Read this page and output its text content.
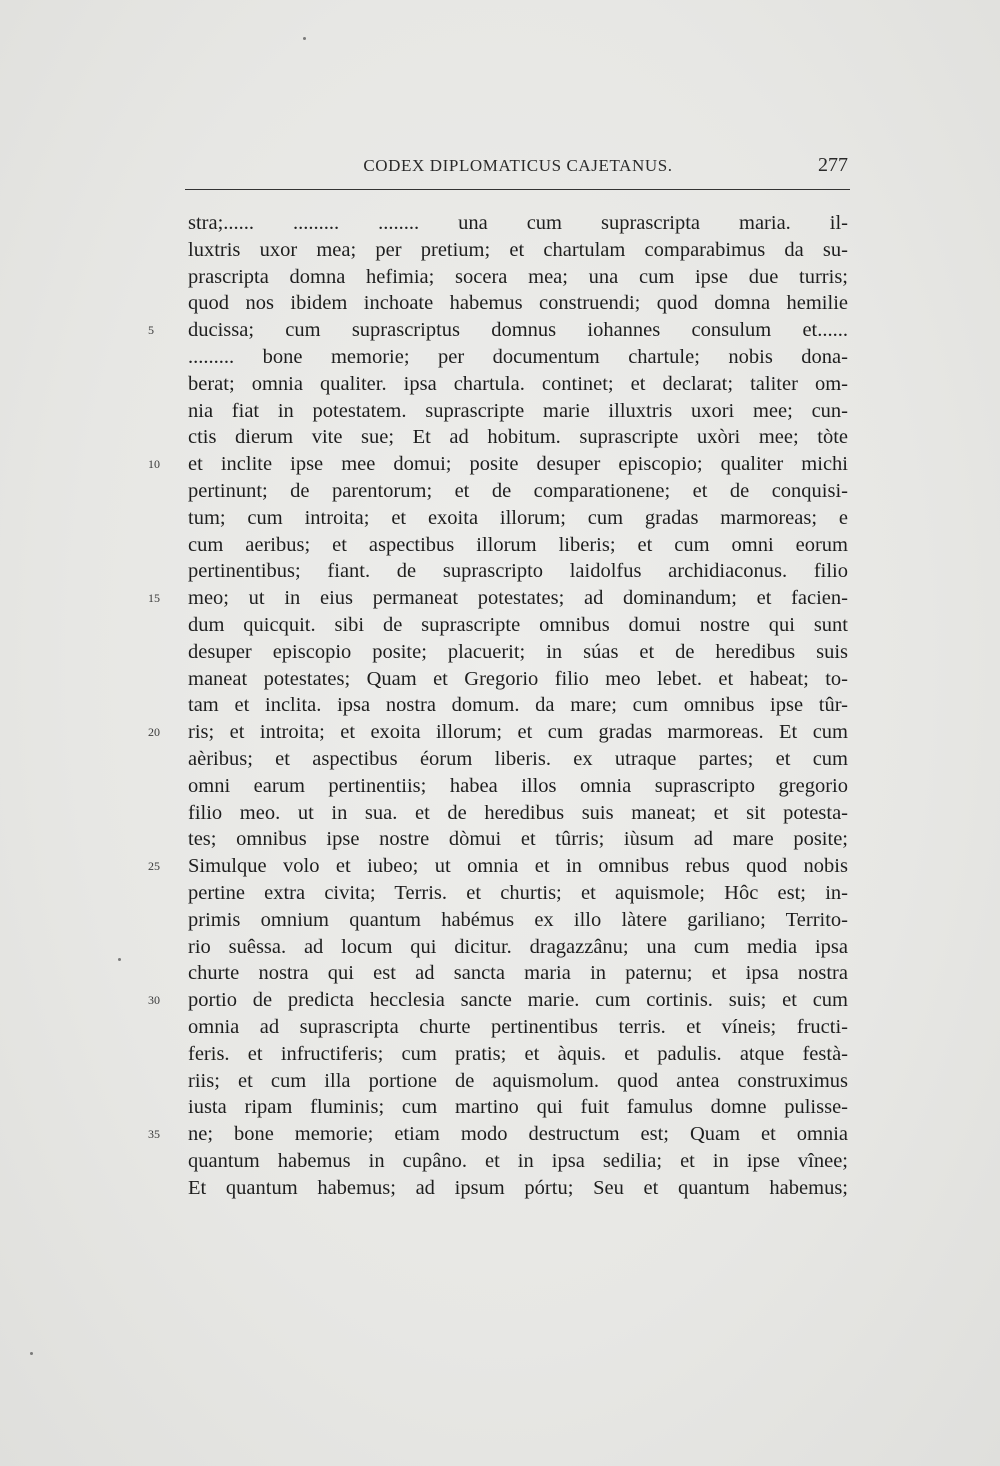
CODEX DIPLOMATICUS CAJETANUS.	277
stra;...... ......... ........ una cum suprascripta maria. il-
luxtris uxor mea; per pretium; et chartulam comparabimus da su-
prascripta domna hefimia; socera mea; una cum ipse due turris;
quod nos ibidem inchoate habemus construendi; quod domna hemilie
5	ducissa; cum suprascriptus domnus iohannes consulum et......
......... bone memorie; per documentum chartule; nobis dona-
berat; omnia qualiter. ipsa chartula. continet; et declarat; taliter om-
nia fiat in potestatem. suprascripte marie illuxtris uxori mee; cun-
ctis dierum vite sue; Et ad hobitum. suprascripte uxòri mee; tòte
10	et inclite ipse mee domui; posite desuper episcopio; qualiter michi
pertinunt; de parentorum; et de comparationene; et de conquisi-
tum; cum introita; et exoita illorum; cum gradas marmoreas; e
cum aeribus; et aspectibus illorum liberis; et cum omni eorum
pertinentibus; fiant. de suprascripto laidolfus archidiaconus. filio
15	meo; ut in eius permaneat potestates; ad dominandum; et facien-
dum quicquit. sibi de suprascripte omnibus domui nostre qui sunt
desuper episcopio posite; placuerit; in súas et de heredibus suis
maneat potestates; Quam et Gregorio filio meo lebet. et habeat; to-
tam et inclita. ipsa nostra domum. da mare; cum omnibus ipse tûr-
20	ris; et introita; et exoita illorum; et cum gradas marmoreas. Et cum
aèribus; et aspectibus éorum liberis. ex utraque partes; et cum
omni earum pertinentiis; habea illos omnia suprascripto gregorio
filio meo. ut in sua. et de heredibus suis maneat; et sit potesta-
tes; omnibus ipse nostre dòmui et tûrris; iùsum ad mare posite;
25	Simulque volo et iubeo; ut omnia et in omnibus rebus quod nobis
pertine extra civita; Terris. et churtis; et aquismole; Hôc est; in-
primis omnium quantum habémus ex illo làtere gariliano; Territo-
rio suêssa. ad locum qui dicitur. dragazzânu; una cum media ipsa
churte nostra qui est ad sancta maria in paternu; et ipsa nostra
30	portio de predicta hecclesia sancte marie. cum cortinis. suis; et cum
omnia ad suprascripta churte pertinentibus terris. et víneis; fructi-
feris. et infructiferis; cum pratis; et àquis. et padulis. atque festà-
riis; et cum illa portione de aquismolum. quod antea construximus
iusta ripam fluminis; cum martino qui fuit famulus domne pulisse-
35	ne; bone memorie; etiam modo destructum est; Quam et omnia
quantum habemus in cupâno. et in ipsa sedilia; et in ipse vînee;
Et quantum habemus; ad ipsum pórtu; Seu et quantum habemus;
